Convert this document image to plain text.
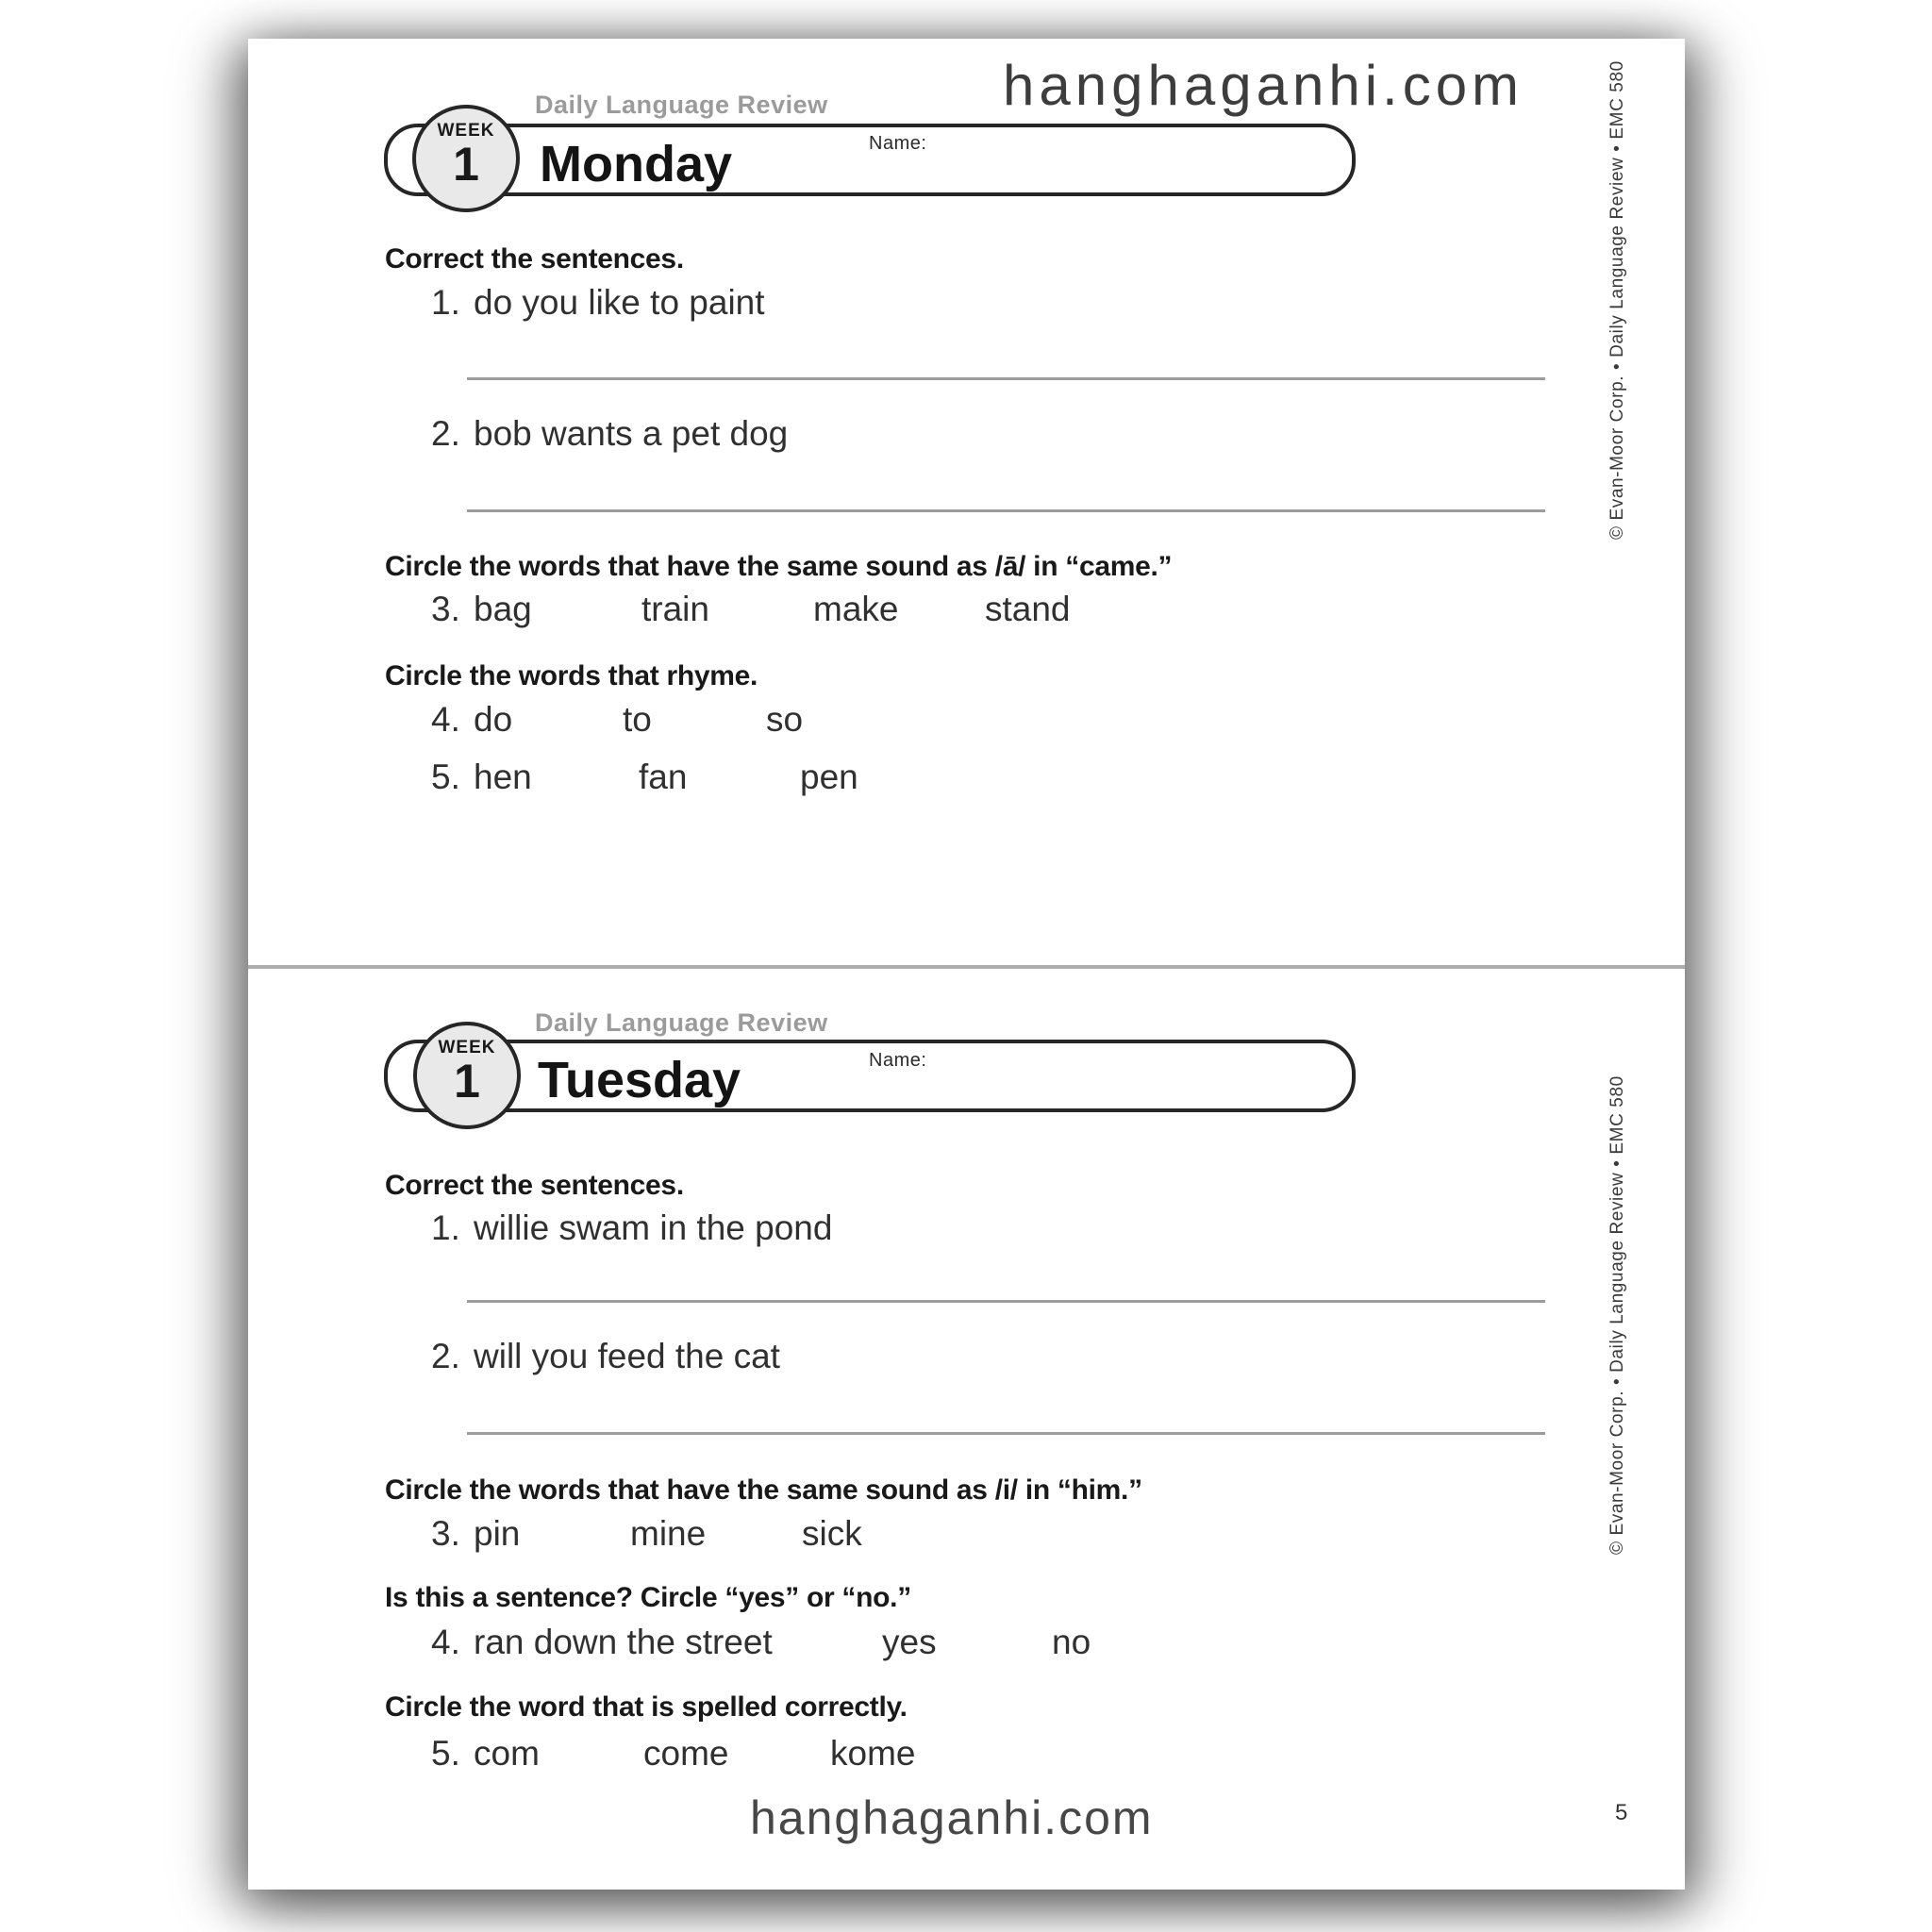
hanghaganhi.com
Daily Language Review
Name:
WEEK
1 Monday
Correct the sentences.
1. do you like to paint
2. bob wants a pet dog
Circle the words that have the same sound as /ā/ in “came.”
3. bag	train	make stand
Circle the words that rhyme.
4. do	to	so
5. hen	fan	pen
© Evan-Moor Corp. • Daily Language Review • EMC 580
Daily Language Review
Name:
WEEK
1 Tuesday
Correct the sentences.
1. willie swam in the pond
2. will you feed the cat
Circle the words that have the same sound as /i/ in “him.”
3. pin	mine	sick
Is this a sentence? Circle “yes” or “no.”
4. ran down the street	yes	no
Circle the word that is spelled correctly.
5. com	come	kome
© Evan-Moor Corp. • Daily Language Review • EMC 580
hanghaganhi.com	5
